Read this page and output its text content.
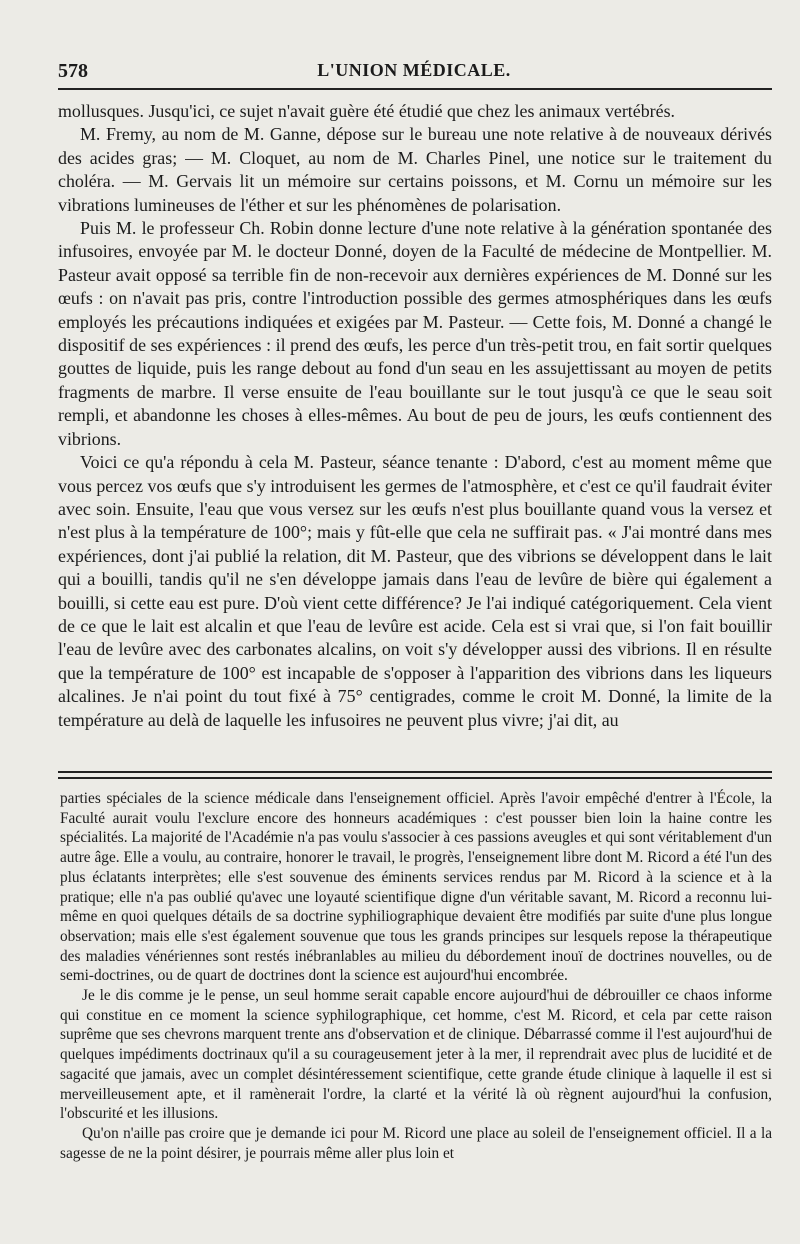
578	L'UNION MÉDICALE.

mollusques. Jusqu'ici, ce sujet n'avait guère été étudié que chez les animaux vertébrés.

M. Fremy, au nom de M. Ganne, dépose sur le bureau une note relative à de nouveaux dérivés des acides gras; — M. Cloquet, au nom de M. Charles Pinel, une notice sur le traitement du choléra. — M. Gervais lit un mémoire sur certains poissons, et M. Cornu un mémoire sur les vibrations lumineuses de l'éther et sur les phénomènes de polarisation.

Puis M. le professeur Ch. Robin donne lecture d'une note relative à la génération spontanée des infusoires, envoyée par M. le docteur Donné, doyen de la Faculté de médecine de Montpellier. M. Pasteur avait opposé sa terrible fin de non-recevoir aux dernières expériences de M. Donné sur les œufs : on n'avait pas pris, contre l'introduction possible des germes atmosphériques dans les œufs employés les précautions indiquées et exigées par M. Pasteur. — Cette fois, M. Donné a changé le dispositif de ses expériences : il prend des œufs, les perce d'un très-petit trou, en fait sortir quelques gouttes de liquide, puis les range debout au fond d'un seau en les assujettissant au moyen de petits fragments de marbre. Il verse ensuite de l'eau bouillante sur le tout jusqu'à ce que le seau soit rempli, et abandonne les choses à elles-mêmes. Au bout de peu de jours, les œufs contiennent des vibrions.

Voici ce qu'a répondu à cela M. Pasteur, séance tenante : D'abord, c'est au moment même que vous percez vos œufs que s'y introduisent les germes de l'atmosphère, et c'est ce qu'il faudrait éviter avec soin. Ensuite, l'eau que vous versez sur les œufs n'est plus bouillante quand vous la versez et n'est plus à la température de 100°; mais y fût-elle que cela ne suffirait pas. « J'ai montré dans mes expériences, dont j'ai publié la relation, dit M. Pasteur, que des vibrions se développent dans le lait qui a bouilli, tandis qu'il ne s'en développe jamais dans l'eau de levûre de bière qui également a bouilli, si cette eau est pure. D'où vient cette différence? Je l'ai indiqué catégoriquement. Cela vient de ce que le lait est alcalin et que l'eau de levûre est acide. Cela est si vrai que, si l'on fait bouillir l'eau de levûre avec des carbonates alcalins, on voit s'y développer aussi des vibrions. Il en résulte que la température de 100° est incapable de s'opposer à l'apparition des vibrions dans les liqueurs alcalines. Je n'ai point du tout fixé à 75° centigrades, comme le croit M. Donné, la limite de la température au delà de laquelle les infusoires ne peuvent plus vivre; j'ai dit, au

parties spéciales de la science médicale dans l'enseignement officiel. Après l'avoir empêché d'entrer à l'École, la Faculté aurait voulu l'exclure encore des honneurs académiques : c'est pousser bien loin la haine contre les spécialités. La majorité de l'Académie n'a pas voulu s'associer à ces passions aveugles et qui sont véritablement d'un autre âge. Elle a voulu, au contraire, honorer le travail, le progrès, l'enseignement libre dont M. Ricord a été l'un des plus éclatants interprètes; elle s'est souvenue des éminents services rendus par M. Ricord à la science et à la pratique; elle n'a pas oublié qu'avec une loyauté scientifique digne d'un véritable savant, M. Ricord a reconnu lui-même en quoi quelques détails de sa doctrine syphiliographique devaient être modifiés par suite d'une plus longue observation; mais elle s'est également souvenue que tous les grands principes sur lesquels repose la thérapeutique des maladies vénériennes sont restés inébranlables au milieu du débordement inouï de doctrines nouvelles, ou de semi-doctrines, ou de quart de doctrines dont la science est aujourd'hui encombrée.

Je le dis comme je le pense, un seul homme serait capable encore aujourd'hui de débrouiller ce chaos informe qui constitue en ce moment la science syphilographique, cet homme, c'est M. Ricord, et cela par cette raison suprême que ses chevrons marquent trente ans d'observation et de clinique. Débarrassé comme il l'est aujourd'hui de quelques impédiments doctrinaux qu'il a su courageusement jeter à la mer, il reprendrait avec plus de lucidité et de sagacité que jamais, avec un complet désintéressement scientifique, cette grande étude clinique à laquelle il est si merveilleusement apte, et il ramènerait l'ordre, la clarté et la vérité là où règnent aujourd'hui la confusion, l'obscurité et les illusions.

Qu'on n'aille pas croire que je demande ici pour M. Ricord une place au soleil de l'enseignement officiel. Il a la sagesse de ne la point désirer, je pourrais même aller plus loin et
